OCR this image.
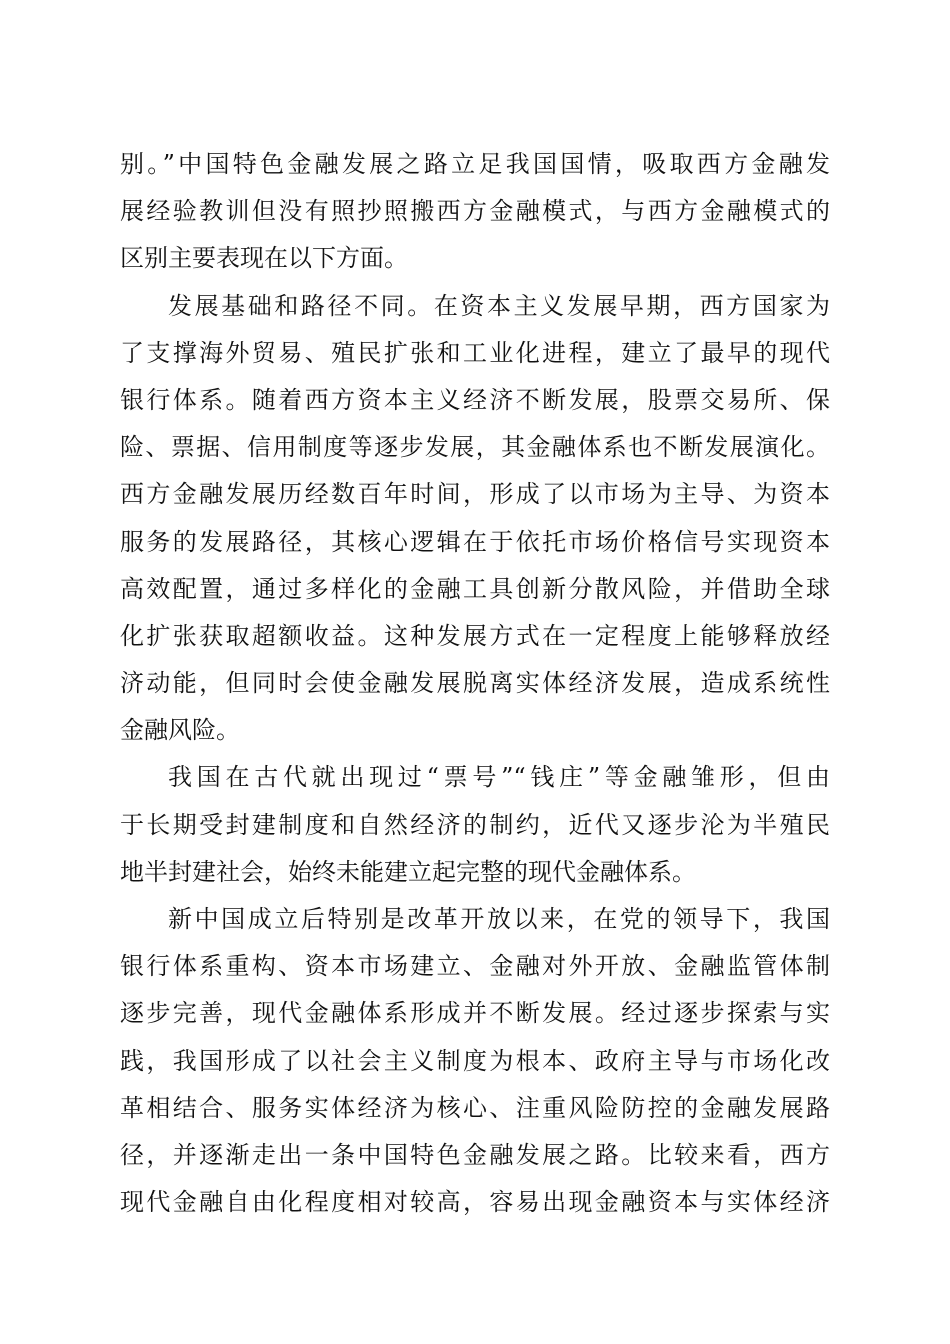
别。”中国特色金融发展之路立足我国国情，吸取西方金融发
展经验教训但没有照抄照搬西方金融模式，与西方金融模式的
区别主要表现在以下方面。
发展基础和路径不同。在资本主义发展早期，西方国家为
了支撑海外贸易、殖民扩张和工业化进程，建立了最早的现代
银行体系。随着西方资本主义经济不断发展，股票交易所、保
险、票据、信用制度等逐步发展，其金融体系也不断发展演化。
西方金融发展历经数百年时间，形成了以市场为主导、为资本
服务的发展路径，其核心逻辑在于依托市场价格信号实现资本
高效配置，通过多样化的金融工具创新分散风险，并借助全球
化扩张获取超额收益。这种发展方式在一定程度上能够释放经
济动能，但同时会使金融发展脱离实体经济发展，造成系统性
金融风险。
我国在古代就出现过“票号”“钱庄”等金融雏形，但由
于长期受封建制度和自然经济的制约，近代又逐步沦为半殖民
地半封建社会，始终未能建立起完整的现代金融体系。
新中国成立后特别是改革开放以来，在党的领导下，我国
银行体系重构、资本市场建立、金融对外开放、金融监管体制
逐步完善，现代金融体系形成并不断发展。经过逐步探索与实
践，我国形成了以社会主义制度为根本、政府主导与市场化改
革相结合、服务实体经济为核心、注重风险防控的金融发展路
径，并逐渐走出一条中国特色金融发展之路。比较来看，西方
现代金融自由化程度相对较高，容易出现金融资本与实体经济
